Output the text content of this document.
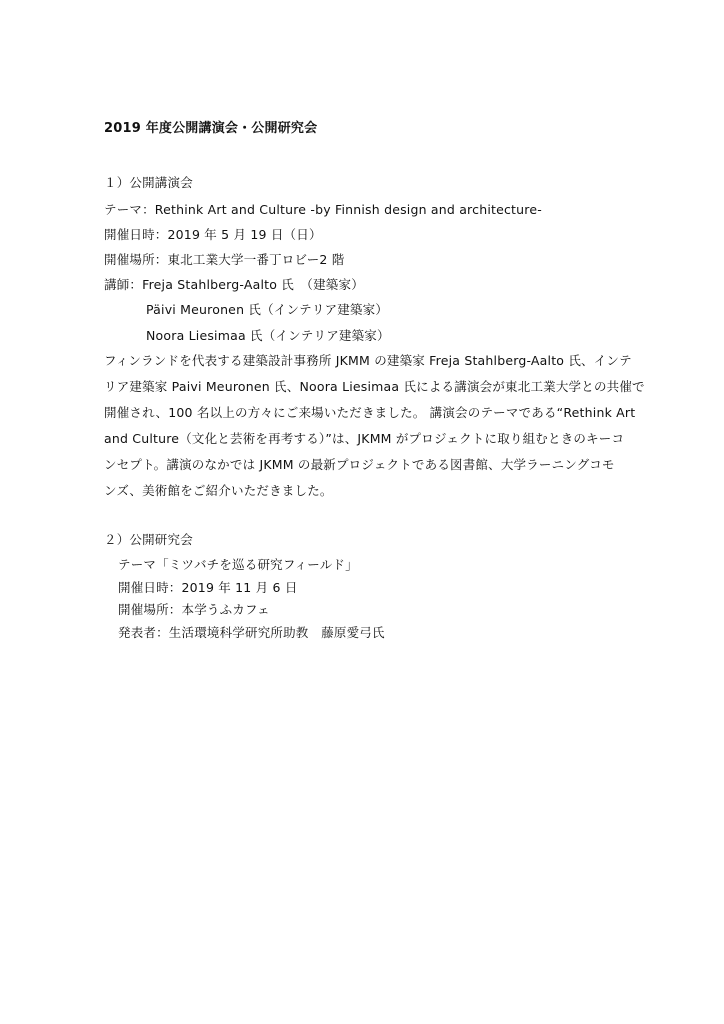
2019 年度公開講演会・公開研究会
１）公開講演会
テーマ：Rethink Art and Culture -by Finnish design and architecture-
開催日時：2019 年 5 月 19 日（日）
開催場所：東北工業大学一番丁ロビー2 階
講師：Freja Stahlberg-Aalto 氏　（建築家）
Päivi Meuronen 氏（インテリア建築家）
Noora Liesimaa 氏（インテリア建築家）
フィンランドを代表する建築設計事務所 JKMM の建築家 Freja Stahlberg-Aalto 氏、インテ
リア建築家 Paivi Meuronen 氏、Noora Liesimaa 氏による講演会が東北工業大学との共催で
開催され、100 名以上の方々にご来場いただきました。 講演会のテーマである“Rethink Art
and Culture（文化と芸術を再考する）”は、JKMM がプロジェクトに取り組むときのキーコ
ンセプト。講演のなかでは JKMM の最新プロジェクトである図書館、大学ラーニングコモ
ンズ、美術館をご紹介いただきました。
２）公開研究会
テーマ「ミツバチを巡る研究フィールド」
開催日時：2019 年 11 月 6 日
開催場所：本学うふカフェ
発表者：生活環境科学研究所助教　藤原愛弓氏
